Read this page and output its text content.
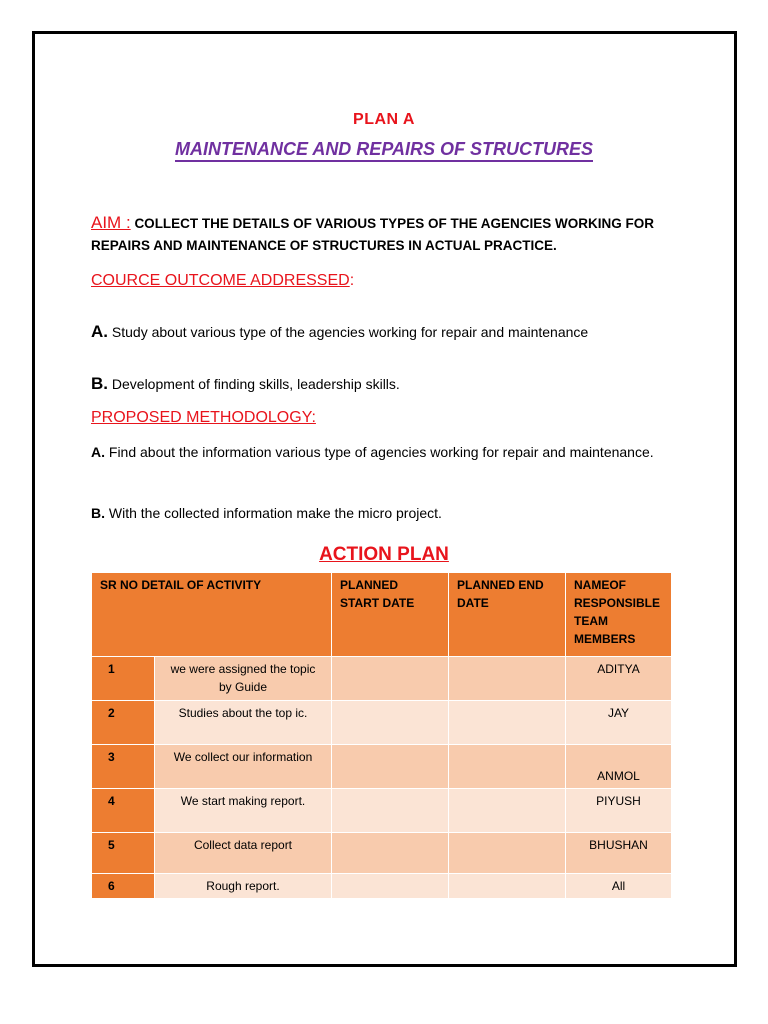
PLAN A
MAINTENANCE AND REPAIRS OF STRUCTURES
AIM : COLLECT THE DETAILS OF VARIOUS TYPES OF THE AGENCIES WORKING FOR REPAIRS AND MAINTENANCE OF STRUCTURES IN ACTUAL PRACTICE.
COURCE OUTCOME ADDRESSED:
A. Study about various type of the agencies working for repair and maintenance
B. Development of finding skills, leadership skills.
PROPOSED METHODOLOGY:
A. Find about the information various type of agencies working for repair and maintenance.
B. With the collected information make the micro project.
ACTION PLAN
SR NO DETAIL OF ACTIVITY		PLANNED START DATE	PLANNED END DATE	NAMEOF RESPONSIBLE TEAM MEMBERS
1	we were assigned the topic by Guide			ADITYA
2	Studies about the top ic.			JAY
3	We collect our information			ANMOL
4	We start making report.			PIYUSH
5	Collect data report			BHUSHAN
6	Rough report.			All
